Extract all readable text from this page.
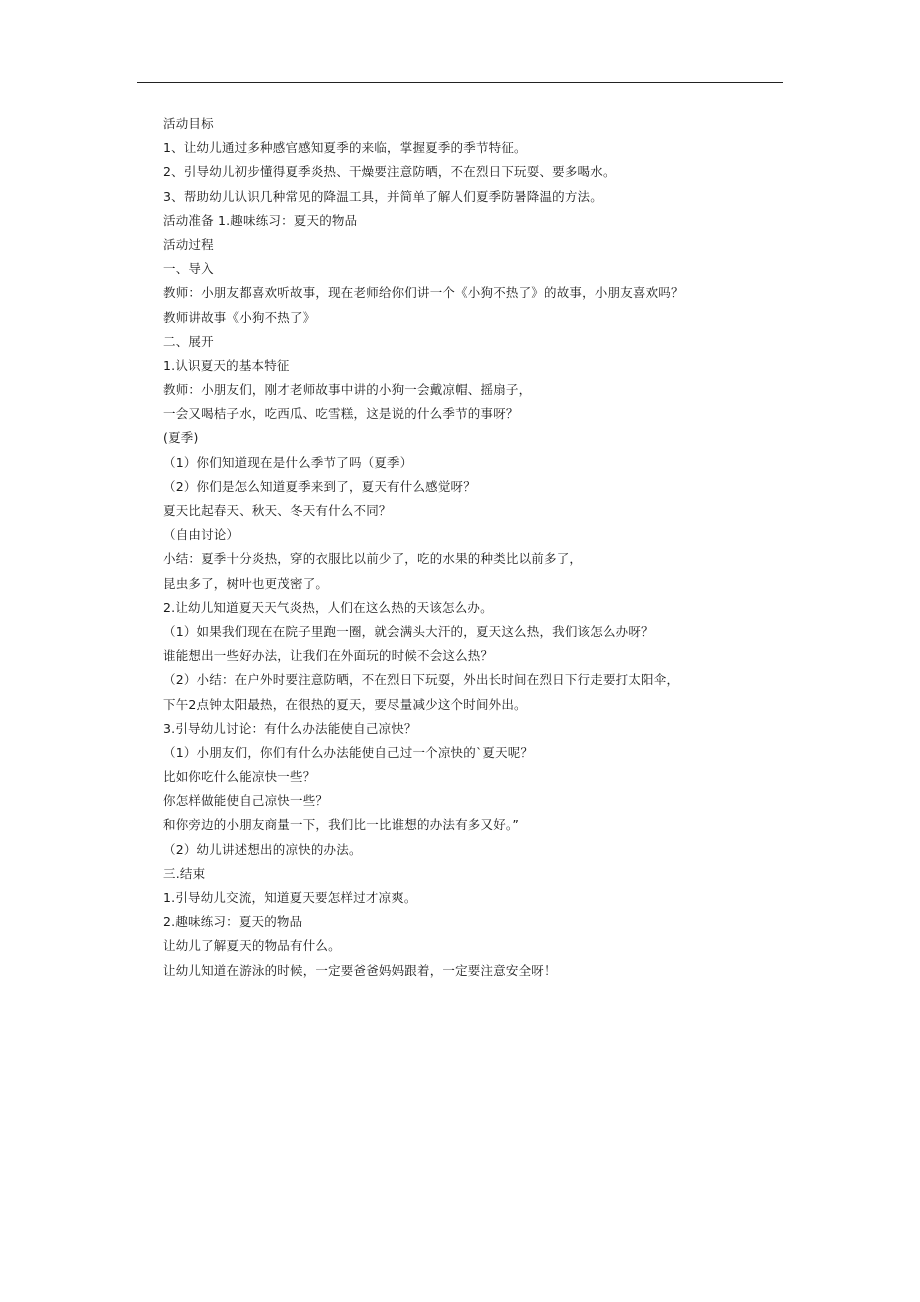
活动目标
1、让幼儿通过多种感官感知夏季的来临，掌握夏季的季节特征。
2、引导幼儿初步懂得夏季炎热、干燥要注意防晒，不在烈日下玩耍、要多喝水。
3、帮助幼儿认识几种常见的降温工具，并简单了解人们夏季防暑降温的方法。
活动准备 1.趣味练习：夏天的物品
活动过程
一、导入
教师：小朋友都喜欢听故事，现在老师给你们讲一个《小狗不热了》的故事，小朋友喜欢吗？
教师讲故事《小狗不热了》
二、展开
1.认识夏天的基本特征
教师：小朋友们，刚才老师故事中讲的小狗一会戴凉帽、摇扇子，
一会又喝桔子水，吃西瓜、吃雪糕，这是说的什么季节的事呀？
(夏季)
（1）你们知道现在是什么季节了吗（夏季）
（2）你们是怎么知道夏季来到了，夏天有什么感觉呀？
夏天比起春天、秋天、冬天有什么不同？
（自由讨论）
小结：夏季十分炎热，穿的衣服比以前少了，吃的水果的种类比以前多了，
昆虫多了，树叶也更茂密了。
2.让幼儿知道夏天天气炎热，人们在这么热的天该怎么办。
（1）如果我们现在在院子里跑一圈，就会满头大汗的，夏天这么热，我们该怎么办呀？
谁能想出一些好办法，让我们在外面玩的时候不会这么热？
（2）小结：在户外时要注意防晒，不在烈日下玩耍，外出长时间在烈日下行走要打太阳伞，
下午2点钟太阳最热，在很热的夏天，要尽量减少这个时间外出。
3.引导幼儿讨论：有什么办法能使自己凉快？
（1）小朋友们，你们有什么办法能使自己过一个凉快的`夏天呢？
比如你吃什么能凉快一些？
你怎样做能使自己凉快一些？
和你旁边的小朋友商量一下，我们比一比谁想的办法有多又好。”
（2）幼儿讲述想出的凉快的办法。
三.结束
1.引导幼儿交流，知道夏天要怎样过才凉爽。
2.趣味练习：夏天的物品
让幼儿了解夏天的物品有什么。
让幼儿知道在游泳的时候，一定要爸爸妈妈跟着，一定要注意安全呀！
